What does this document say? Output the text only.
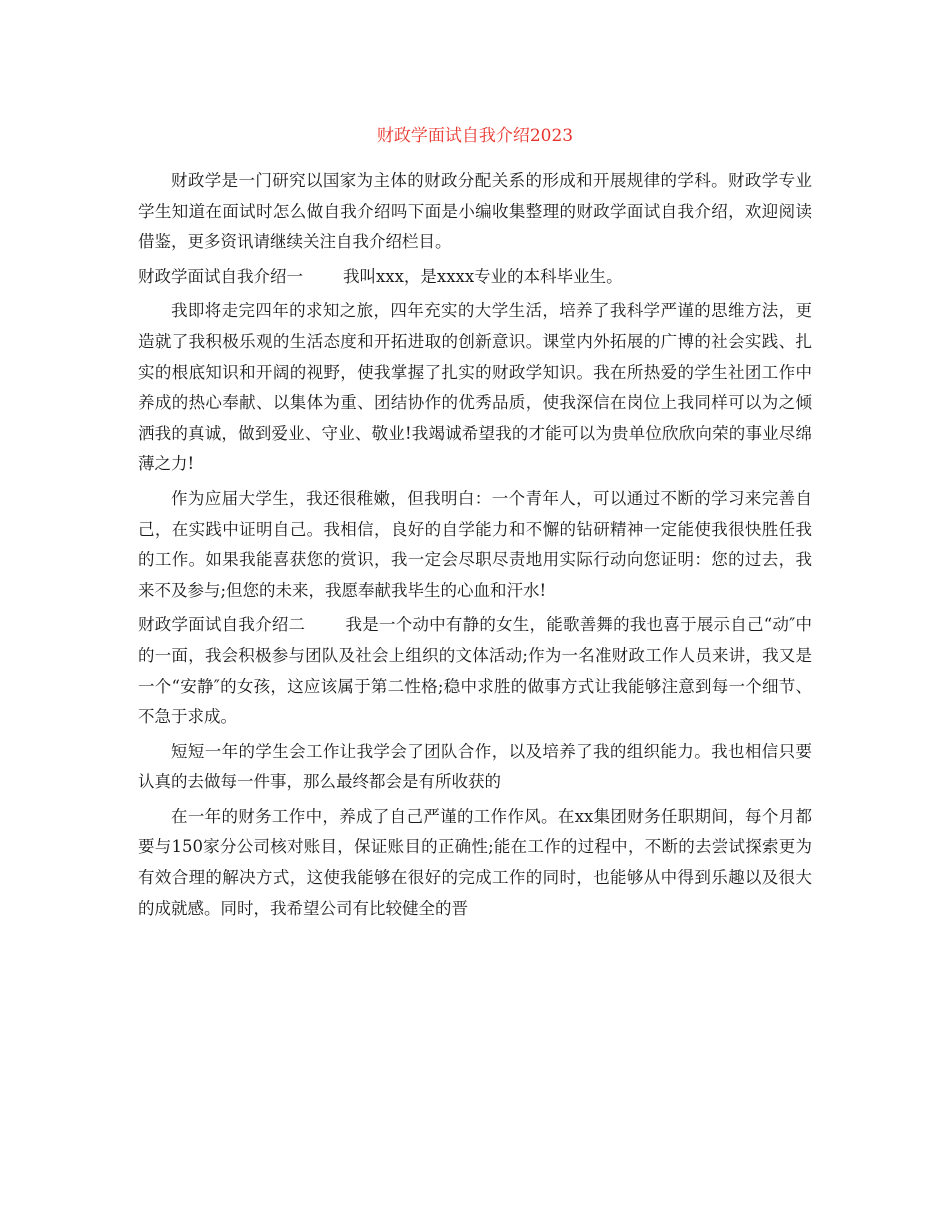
财政学面试自我介绍2023

财政学是一门研究以国家为主体的财政分配关系的形成和开展规律的学科。财政学专业学生知道在面试时怎么做自我介绍吗下面是小编收集整理的财政学面试自我介绍，欢迎阅读借鉴，更多资讯请继续关注自我介绍栏目。

财政学面试自我介绍一 我叫xxx，是xxxx专业的本科毕业生。

我即将走完四年的求知之旅，四年充实的大学生活，培养了我科学严谨的思维方法，更造就了我积极乐观的生活态度和开拓进取的创新意识。课堂内外拓展的广博的社会实践、扎实的根底知识和开阔的视野，使我掌握了扎实的财政学知识。我在所热爱的学生社团工作中养成的热心奉献、以集体为重、团结协作的优秀品质，使我深信在岗位上我同样可以为之倾洒我的真诚，做到爱业、守业、敬业!我竭诚希望我的才能可以为贵单位欣欣向荣的事业尽绵薄之力!

作为应届大学生，我还很稚嫩，但我明白：一个青年人，可以通过不断的学习来完善自己，在实践中证明自己。我相信，良好的自学能力和不懈的钻研精神一定能使我很快胜任我的工作。如果我能喜获您的赏识，我一定会尽职尽责地用实际行动向您证明：您的过去，我来不及参与;但您的未来，我愿奉献我毕生的心血和汗水!

财政学面试自我介绍二 我是一个动中有静的女生，能歌善舞的我也喜于展示自己“动″中的一面，我会积极参与团队及社会上组织的文体活动;作为一名准财政工作人员来讲，我又是一个“安静″的女孩，这应该属于第二性格;稳中求胜的做事方式让我能够注意到每一个细节、不急于求成。

短短一年的学生会工作让我学会了团队合作，以及培养了我的组织能力。我也相信只要认真的去做每一件事，那么最终都会是有所收获的

在一年的财务工作中，养成了自己严谨的工作作风。在xx集团财务任职期间，每个月都要与150家分公司核对账目，保证账目的正确性;能在工作的过程中，不断的去尝试探索更为有效合理的解决方式，这使我能够在很好的完成工作的同时，也能够从中得到乐趣以及很大的成就感。同时，我希望公司有比较健全的晋
